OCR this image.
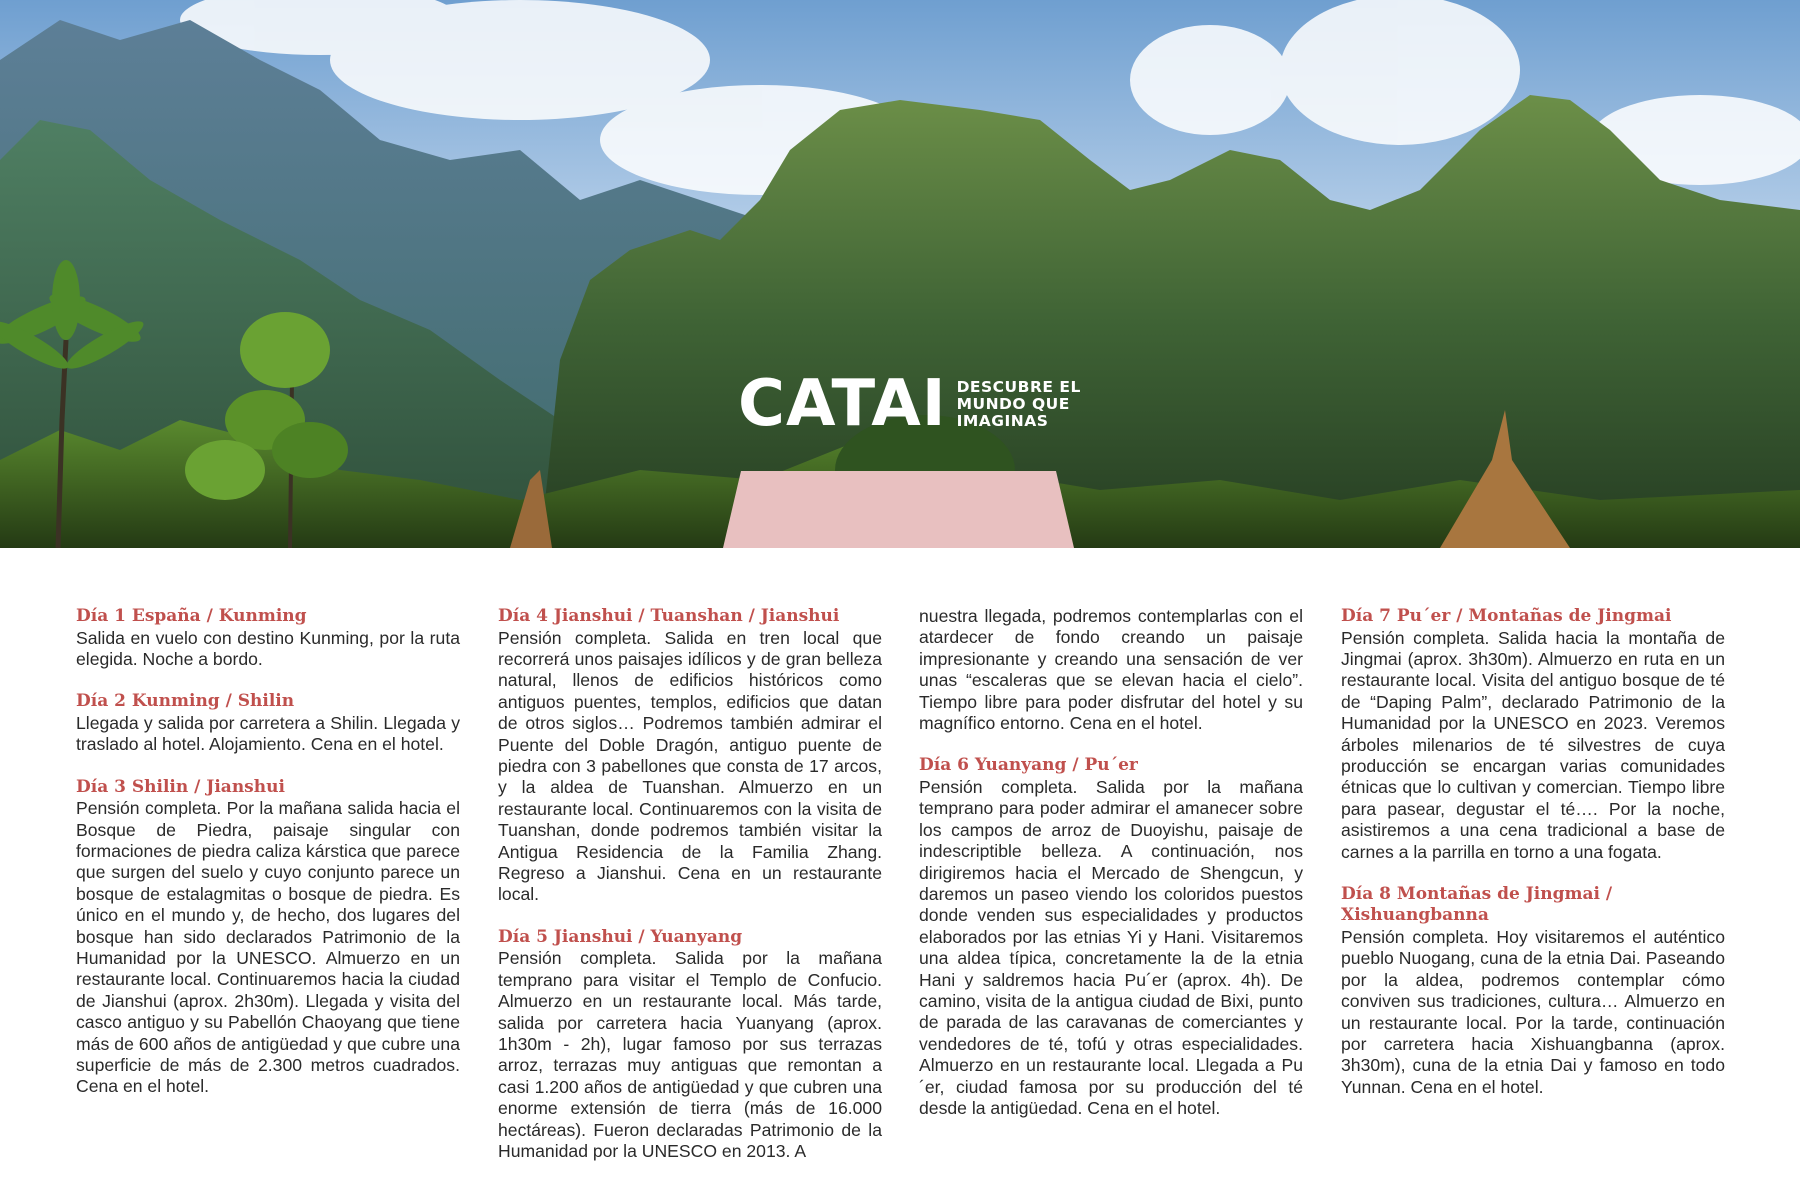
CATAI DESCUBRE EL
MUNDO QUE
IMAGINAS
Día 1 España / Kunming
Salida en vuelo con destino Kunming, por la ruta elegida. Noche a bordo.
Día 2 Kunming / Shilin
Llegada y salida por carretera a Shilin. Llegada y traslado al hotel. Alojamiento. Cena en el hotel.
Día 3 Shilin / Jianshui
Pensión completa. Por la mañana salida hacia el Bosque de Piedra, paisaje singular con formaciones de piedra caliza kárstica que parece que surgen del suelo y cuyo conjunto parece un bosque de estalagmitas o bosque de piedra. Es único en el mundo y, de hecho, dos lugares del bosque han sido declarados Patrimonio de la Humanidad por la UNESCO. Almuerzo en un restaurante local. Continuaremos hacia la ciudad de Jianshui (aprox. 2h30m). Llegada y visita del casco antiguo y su Pabellón Chaoyang que tiene más de 600 años de antigüedad y que cubre una superficie de más de 2.300 metros cuadrados. Cena en el hotel.
Día 4 Jianshui / Tuanshan / Jianshui
Pensión completa. Salida en tren local que recorrerá unos paisajes idílicos y de gran belleza natural, llenos de edificios históricos como antiguos puentes, templos, edificios que datan de otros siglos… Podremos también admirar el Puente del Doble Dragón, antiguo puente de piedra con 3 pabellones que consta de 17 arcos, y la aldea de Tuanshan. Almuerzo en un restaurante local. Continuaremos con la visita de Tuanshan, donde podremos también visitar la Antigua Residencia de la Familia Zhang. Regreso a Jianshui. Cena en un restaurante local.
Día 5 Jianshui / Yuanyang
Pensión completa. Salida por la mañana temprano para visitar el Templo de Confucio. Almuerzo en un restaurante local. Más tarde, salida por carretera hacia Yuanyang (aprox. 1h30m - 2h), lugar famoso por sus terrazas arroz, terrazas muy antiguas que remontan a casi 1.200 años de antigüedad y que cubren una enorme extensión de tierra (más de 16.000 hectáreas). Fueron declaradas Patrimonio de la Humanidad por la UNESCO en 2013. A
nuestra llegada, podremos contemplarlas con el atardecer de fondo creando un paisaje impresionante y creando una sensación de ver unas “escaleras que se elevan hacia el cielo”. Tiempo libre para poder disfrutar del hotel y su magnífico entorno. Cena en el hotel.
Día 6 Yuanyang / Pu´er
Pensión completa. Salida por la mañana temprano para poder admirar el amanecer sobre los campos de arroz de Duoyishu, paisaje de indescriptible belleza. A continuación, nos dirigiremos hacia el Mercado de Shengcun, y daremos un paseo viendo los coloridos puestos donde venden sus especialidades y productos elaborados por las etnias Yi y Hani. Visitaremos una aldea típica, concretamente la de la etnia Hani y saldremos hacia Pu´er (aprox. 4h). De camino, visita de la antigua ciudad de Bixi, punto de parada de las caravanas de comerciantes y vendedores de té, tofú y otras especialidades. Almuerzo en un restaurante local. Llegada a Pu´er, ciudad famosa por su producción del té desde la antigüedad. Cena en el hotel.
Día 7 Pu´er / Montañas de Jingmai
Pensión completa. Salida hacia la montaña de Jingmai (aprox. 3h30m). Almuerzo en ruta en un restaurante local. Visita del antiguo bosque de té de “Daping Palm”, declarado Patrimonio de la Humanidad por la UNESCO en 2023. Veremos árboles milenarios de té silvestres de cuya producción se encargan varias comunidades étnicas que lo cultivan y comercian. Tiempo libre para pasear, degustar el té…. Por la noche, asistiremos a una cena tradicional a base de carnes a la parrilla en torno a una fogata.
Día 8 Montañas de Jingmai / Xishuangbanna
Pensión completa. Hoy visitaremos el auténtico pueblo Nuogang, cuna de la etnia Dai. Paseando por la aldea, podremos contemplar cómo conviven sus tradiciones, cultura… Almuerzo en un restaurante local. Por la tarde, continuación por carretera hacia Xishuangbanna (aprox. 3h30m), cuna de la etnia Dai y famoso en todo Yunnan. Cena en el hotel.
